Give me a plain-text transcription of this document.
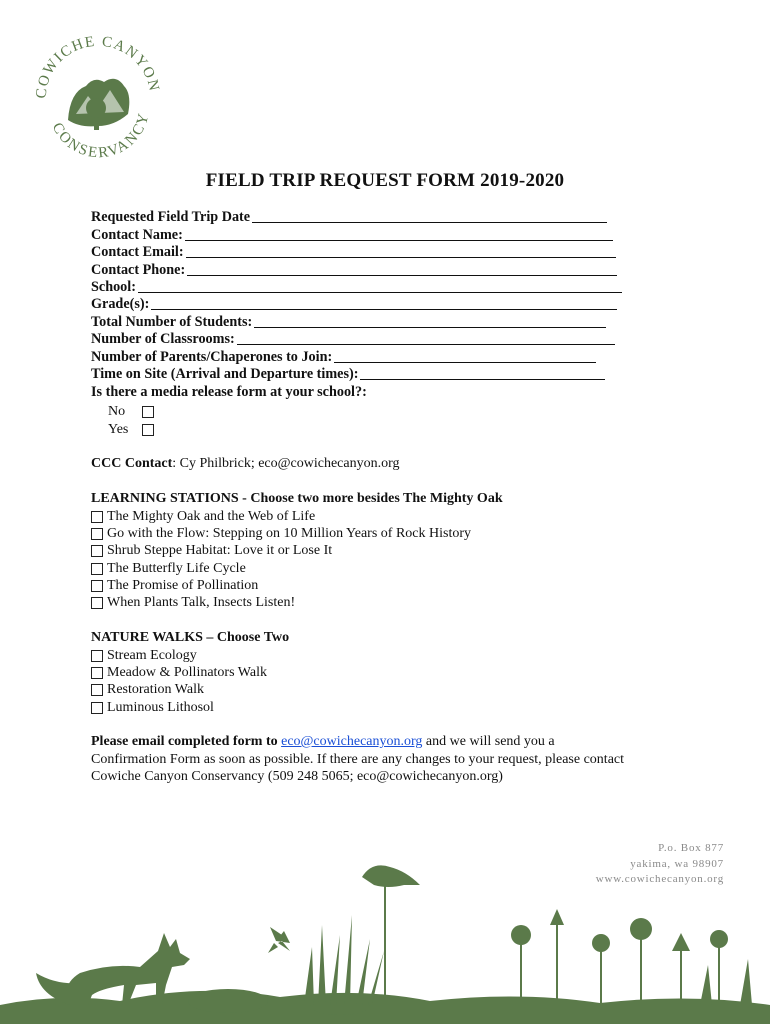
COWICHE CANYON
CONSERVANCY
FIELD TRIP REQUEST FORM 2019-2020
Requested Field Trip Date
Contact Name:
Contact Email:
Contact Phone:
School:
Grade(s):
Total Number of Students:
Number of Classrooms:
Number of Parents/Chaperones to Join:
Time on Site (Arrival and Departure times):
Is there a media release form at your school?:
No
Yes
CCC Contact: Cy Philbrick; eco@cowichecanyon.org
LEARNING STATIONS - Choose two more besides The Mighty Oak
The Mighty Oak and the Web of Life
Go with the Flow: Stepping on 10 Million Years of Rock History
Shrub Steppe Habitat: Love it or Lose It
The Butterfly Life Cycle
The Promise of Pollination
When Plants Talk, Insects Listen!
NATURE WALKS – Choose Two
Stream Ecology
Meadow & Pollinators Walk
Restoration Walk
Luminous Lithosol
Please email completed form to eco@cowichecanyon.org and we will send you a
Confirmation Form as soon as possible. If there are any changes to your request, please contact
Cowiche Canyon Conservancy (509 248 5065; eco@cowichecanyon.org)
P.o. Box 877
yakima, wa 98907
www.cowichecanyon.org
